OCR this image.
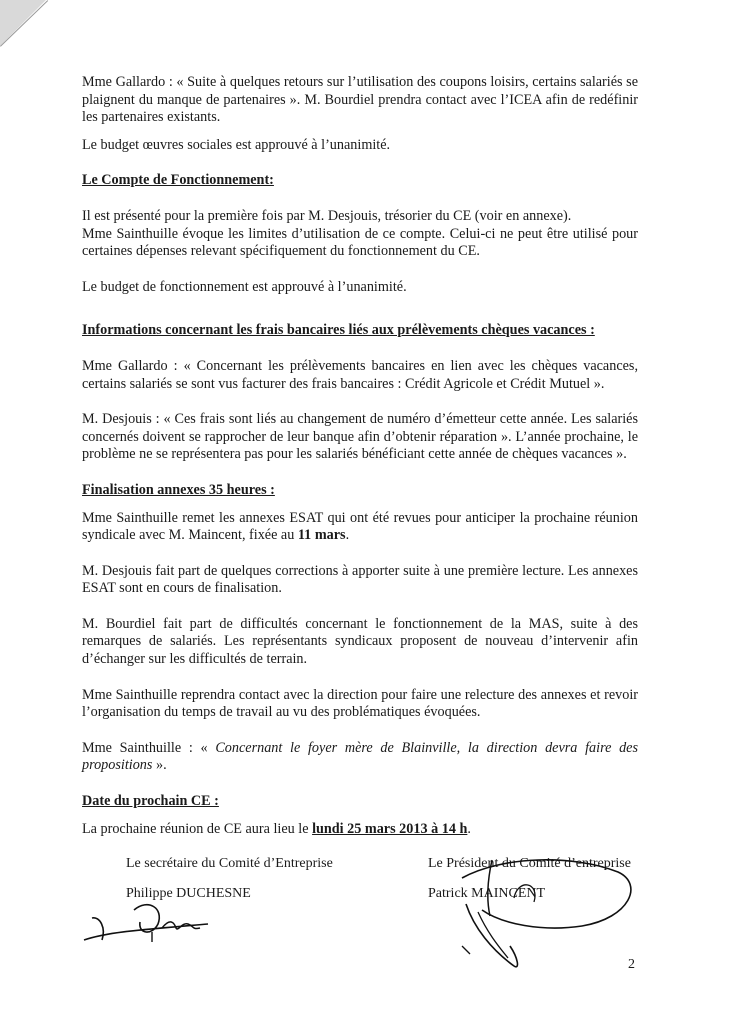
Mme Gallardo : « Suite à quelques retours sur l’utilisation des coupons loisirs, certains salariés se plaignent du manque de partenaires ». M. Bourdiel prendra contact avec l’ICEA afin de redéfinir les partenaires existants.

Le budget œuvres sociales est approuvé à l’unanimité.

Le Compte de Fonctionnement:

Il est présenté pour la première fois par M. Desjouis, trésorier du CE (voir en annexe).

Mme Sainthuille évoque les limites d’utilisation de ce compte. Celui-ci ne peut être utilisé pour certaines dépenses relevant spécifiquement du fonctionnement du CE.

Le budget de fonctionnement est approuvé à l’unanimité.

Informations concernant les frais bancaires liés aux prélèvements chèques vacances :

Mme Gallardo : « Concernant les prélèvements bancaires en lien avec les chèques vacances, certains salariés se sont vus facturer des frais bancaires : Crédit Agricole et Crédit Mutuel ».

M. Desjouis : « Ces frais sont liés au changement de numéro d’émetteur cette année. Les salariés concernés doivent se rapprocher de leur banque afin d’obtenir réparation ». L’année prochaine, le problème ne se représentera pas pour les salariés bénéficiant cette année de chèques vacances ».

Finalisation annexes 35 heures :

Mme Sainthuille remet les annexes ESAT qui ont été revues pour anticiper la prochaine réunion syndicale avec M. Maincent, fixée au 11 mars.

M. Desjouis fait part de quelques corrections à apporter suite à une première lecture. Les annexes ESAT sont en cours de finalisation.

M. Bourdiel fait part de difficultés concernant le fonctionnement de la MAS, suite à des remarques de salariés. Les représentants syndicaux proposent de nouveau d’intervenir afin d’échanger sur les difficultés de terrain.

Mme Sainthuille reprendra contact avec la direction pour faire une relecture des annexes et revoir l’organisation du temps de travail au vu des problématiques évoquées.

Mme Sainthuille : « Concernant le foyer mère de Blainville, la direction devra faire des propositions ».

Date du prochain CE :

La prochaine réunion de CE aura lieu le lundi 25 mars 2013 à 14 h.

Le secrétaire du Comité d’Entreprise
Philippe DUCHESNE
Le Président du Comité d’entreprise
Patrick MAINCENT
2
